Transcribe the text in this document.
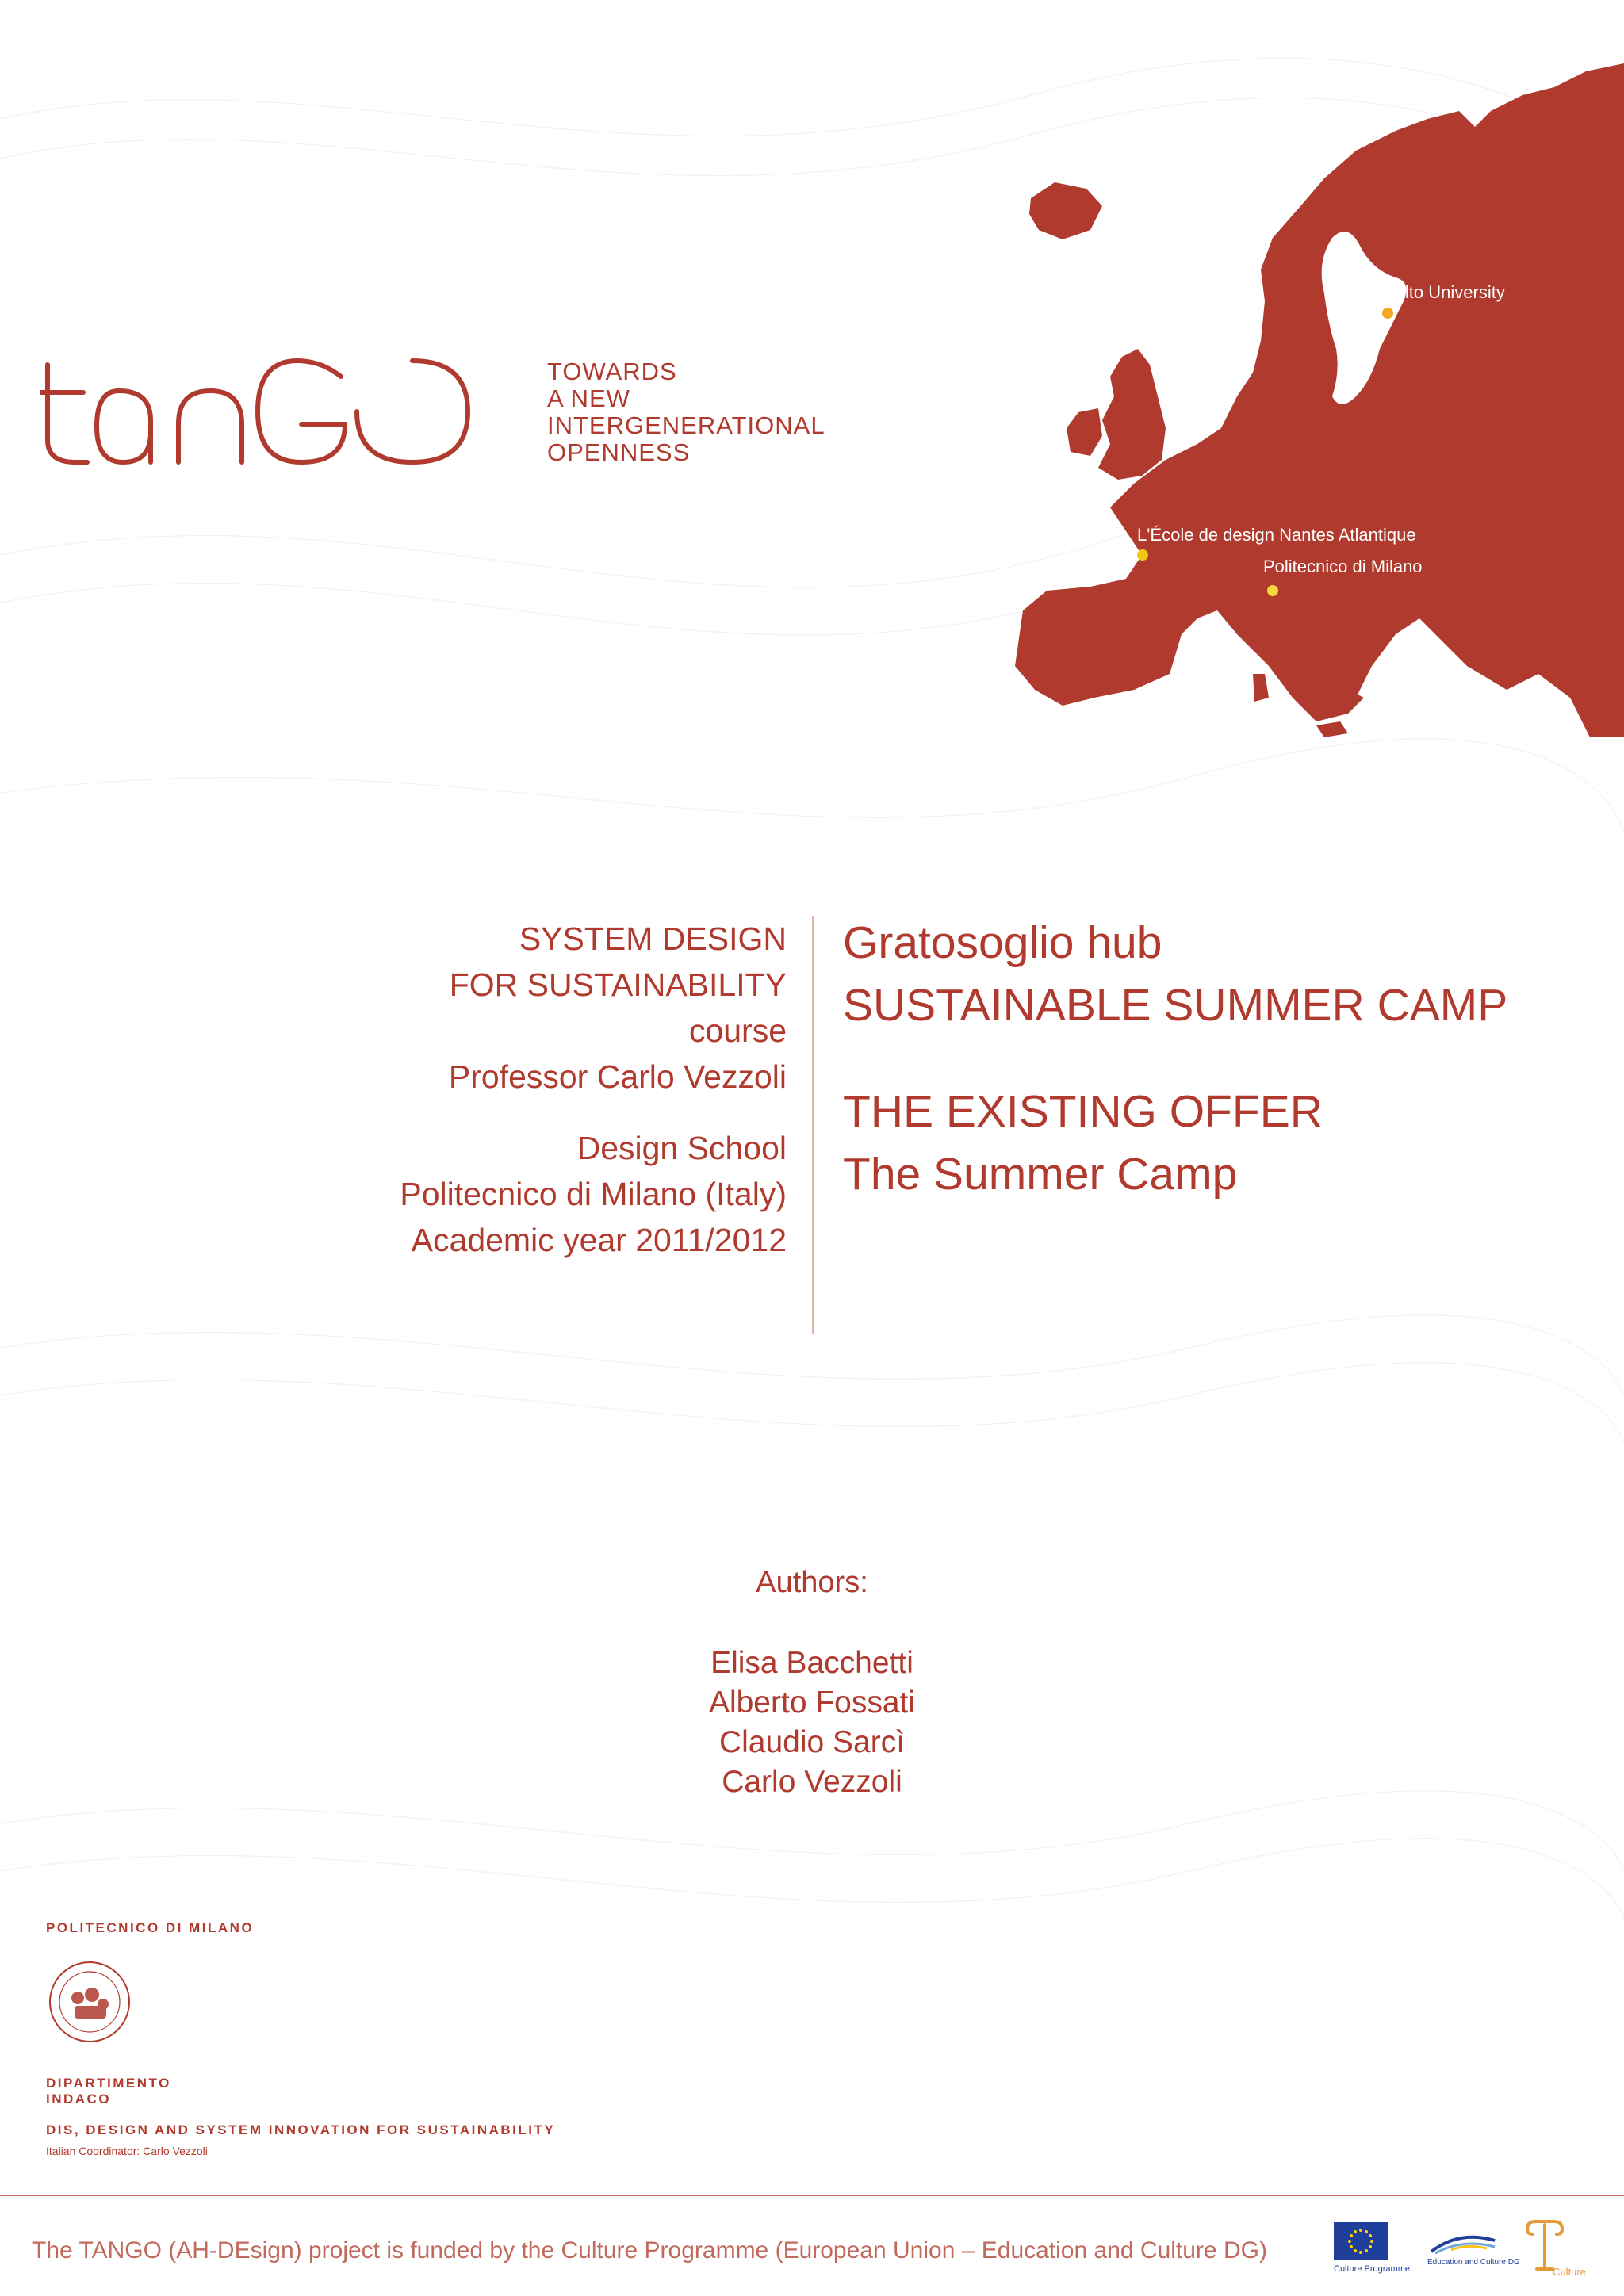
TOWARDS
A NEW
INTERGENERATIONAL
OPENNESS
Aalto University
L'École de design Nantes Atlantique
Politecnico di Milano
SYSTEM DESIGN
FOR SUSTAINABILITY
course
Professor Carlo Vezzoli
Design School
Politecnico di Milano (Italy)
Academic year 2011/2012
Gratosoglio hub
SUSTAINABLE SUMMER CAMP
THE EXISTING OFFER
The Summer Camp
Authors:
Elisa Bacchetti
Alberto Fossati
Claudio Sarcì
Carlo Vezzoli
POLITECNICO DI MILANO
DIPARTIMENTO
INDACO
DIS, DESIGN AND SYSTEM INNOVATION FOR SUSTAINABILITY
Italian Coordinator: Carlo Vezzoli
The TANGO (AH-DEsign) project is funded by the Culture Programme (European Union – Education and Culture DG)
Culture Programme
Education and Culture DG
Culture
